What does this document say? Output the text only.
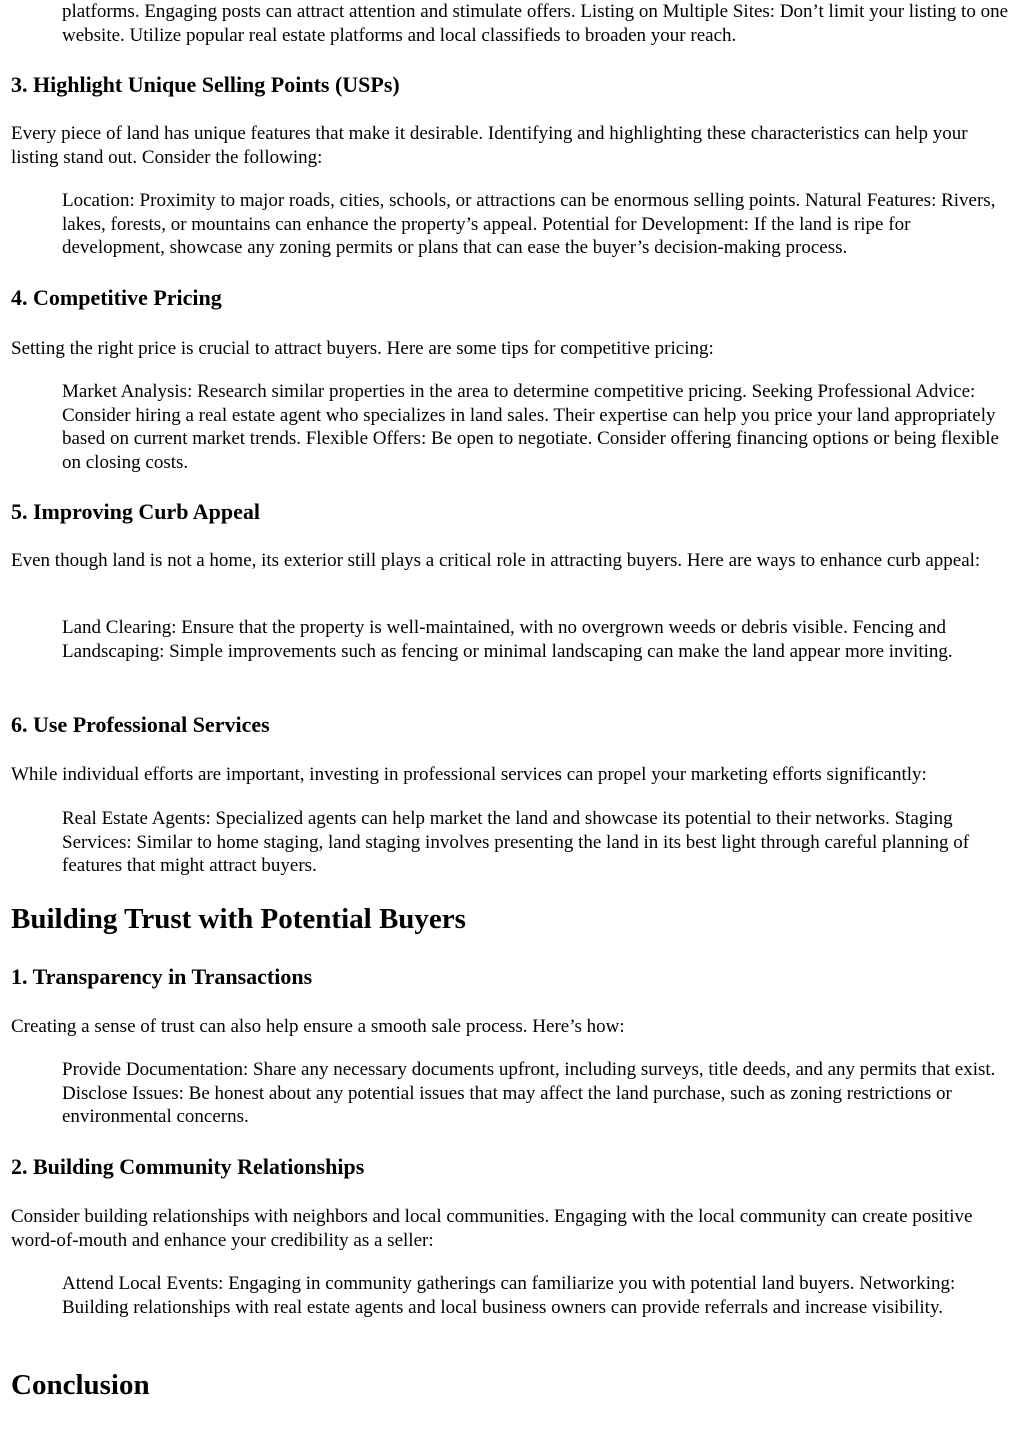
platforms. Engaging posts can attract attention and stimulate offers. Listing on Multiple Sites: Don’t limit your listing to one website. Utilize popular real estate platforms and local classifieds to broaden your reach.

3. Highlight Unique Selling Points (USPs)

Every piece of land has unique features that make it desirable. Identifying and highlighting these characteristics can help your listing stand out. Consider the following:

Location: Proximity to major roads, cities, schools, or attractions can be enormous selling points. Natural Features: Rivers, lakes, forests, or mountains can enhance the property’s appeal. Potential for Development: If the land is ripe for development, showcase any zoning permits or plans that can ease the buyer’s decision-making process.

4. Competitive Pricing

Setting the right price is crucial to attract buyers. Here are some tips for competitive pricing:

Market Analysis: Research similar properties in the area to determine competitive pricing. Seeking Professional Advice: Consider hiring a real estate agent who specializes in land sales. Their expertise can help you price your land appropriately based on current market trends. Flexible Offers: Be open to negotiate. Consider offering financing options or being flexible on closing costs.

5. Improving Curb Appeal

Even though land is not a home, its exterior still plays a critical role in attracting buyers. Here are ways to enhance curb appeal:

Land Clearing: Ensure that the property is well-maintained, with no overgrown weeds or debris visible. Fencing and Landscaping: Simple improvements such as fencing or minimal landscaping can make the land appear more inviting.

6. Use Professional Services

While individual efforts are important, investing in professional services can propel your marketing efforts significantly:

Real Estate Agents: Specialized agents can help market the land and showcase its potential to their networks. Staging Services: Similar to home staging, land staging involves presenting the land in its best light through careful planning of features that might attract buyers.

Building Trust with Potential Buyers
1. Transparency in Transactions

Creating a sense of trust can also help ensure a smooth sale process. Here’s how:

Provide Documentation: Share any necessary documents upfront, including surveys, title deeds, and any permits that exist. Disclose Issues: Be honest about any potential issues that may affect the land purchase, such as zoning restrictions or environmental concerns.

2. Building Community Relationships

Consider building relationships with neighbors and local communities. Engaging with the local community can create positive word-of-mouth and enhance your credibility as a seller:

Attend Local Events: Engaging in community gatherings can familiarize you with potential land buyers. Networking: Building relationships with real estate agents and local business owners can provide referrals and increase visibility.

Conclusion
